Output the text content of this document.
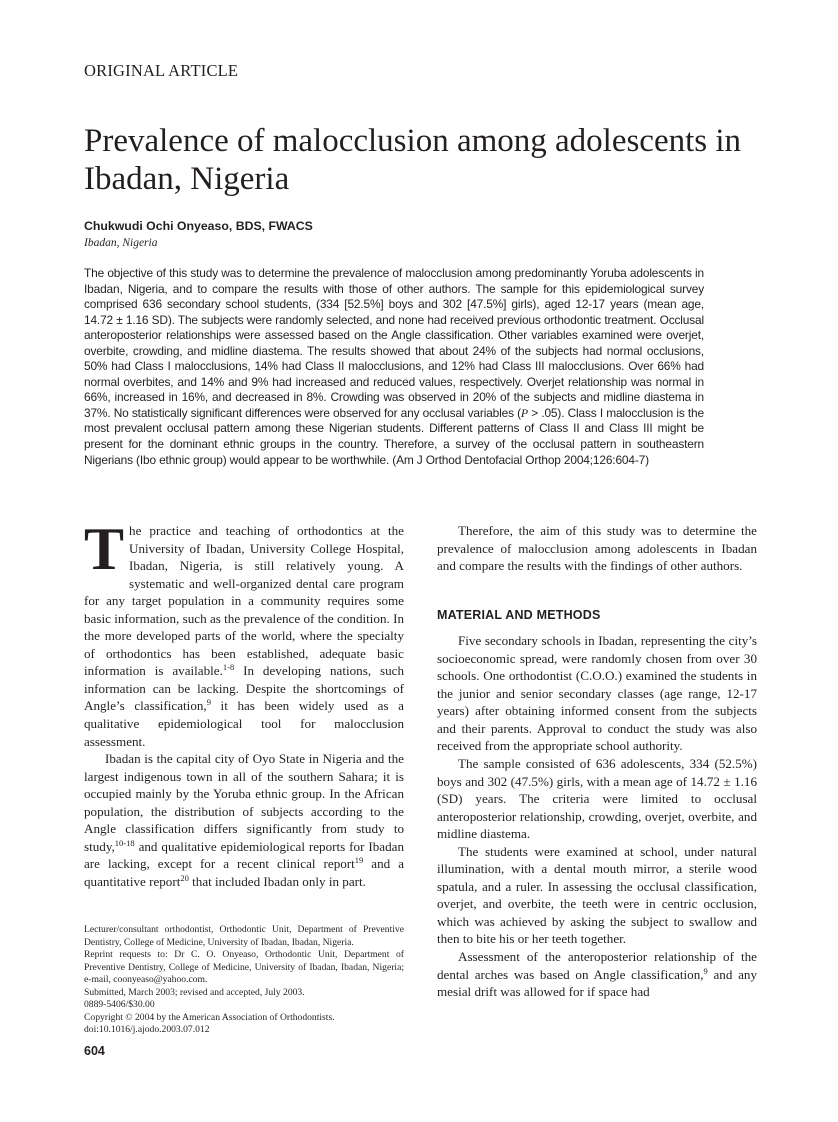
ORIGINAL ARTICLE
Prevalence of malocclusion among adolescents in Ibadan, Nigeria
Chukwudi Ochi Onyeaso, BDS, FWACS
Ibadan, Nigeria

The objective of this study was to determine the prevalence of malocclusion among predominantly Yoruba adolescents in Ibadan, Nigeria, and to compare the results with those of other authors. The sample for this epidemiological survey comprised 636 secondary school students, (334 [52.5%] boys and 302 [47.5%] girls), aged 12-17 years (mean age, 14.72 ± 1.16 SD). The subjects were randomly selected, and none had received previous orthodontic treatment. Occlusal anteroposterior relationships were assessed based on the Angle classification. Other variables examined were overjet, overbite, crowding, and midline diastema. The results showed that about 24% of the subjects had normal occlusions, 50% had Class I malocclusions, 14% had Class II malocclusions, and 12% had Class III malocclusions. Over 66% had normal overbites, and 14% and 9% had increased and reduced values, respectively. Overjet relationship was normal in 66%, increased in 16%, and decreased in 8%. Crowding was observed in 20% of the subjects and midline diastema in 37%. No statistically significant differences were observed for any occlusal variables (P > .05). Class I malocclusion is the most prevalent occlusal pattern among these Nigerian students. Different patterns of Class II and Class III might be present for the dominant ethnic groups in the country. Therefore, a survey of the occlusal pattern in southeastern Nigerians (Ibo ethnic group) would appear to be worthwhile. (Am J Orthod Dentofacial Orthop 2004;126:604-7)

The practice and teaching of orthodontics at the University of Ibadan, University College Hospital, Ibadan, Nigeria, is still relatively young. A systematic and well-organized dental care program for any target population in a community requires some basic information, such as the prevalence of the condition. In the more developed parts of the world, where the specialty of orthodontics has been established, adequate basic information is available.$^{1-8}$ In developing nations, such information can be lacking. Despite the shortcomings of Angle’s classification,$^9$ it has been widely used as a qualitative epidemiological tool for malocclusion assessment.

Ibadan is the capital city of Oyo State in Nigeria and the largest indigenous town in all of the southern Sahara; it is occupied mainly by the Yoruba ethnic group. In the African population, the distribution of subjects according to the Angle classification differs significantly from study to study,$^{10-18}$ and qualitative epidemiological reports for Ibadan are lacking, except for a recent clinical report$^{19}$ and a quantitative report$^{20}$ that included Ibadan only in part.

Therefore, the aim of this study was to determine the prevalence of malocclusion among adolescents in Ibadan and compare the results with the findings of other authors.

MATERIAL AND METHODS

Five secondary schools in Ibadan, representing the city’s socioeconomic spread, were randomly chosen from over 30 schools. One orthodontist (C.O.O.) examined the students in the junior and senior secondary classes (age range, 12-17 years) after obtaining informed consent from the subjects and their parents. Approval to conduct the study was also received from the appropriate school authority.

The sample consisted of 636 adolescents, 334 (52.5%) boys and 302 (47.5%) girls, with a mean age of 14.72 ± 1.16 (SD) years. The criteria were limited to occlusal anteroposterior relationship, crowding, overjet, overbite, and midline diastema.

The students were examined at school, under natural illumination, with a dental mouth mirror, a sterile wood spatula, and a ruler. In assessing the occlusal classification, overjet, and overbite, the teeth were in centric occlusion, which was achieved by asking the subject to swallow and then to bite his or her teeth together.

Assessment of the anteroposterior relationship of the dental arches was based on Angle classification,$^9$ and any mesial drift was allowed for if space had

Lecturer/consultant orthodontist, Orthodontic Unit, Department of Preventive Dentistry, College of Medicine, University of Ibadan, Ibadan, Nigeria.
Reprint requests to: Dr C. O. Onyeaso, Orthodontic Unit, Department of Preventive Dentistry, College of Medicine, University of Ibadan, Ibadan, Nigeria; e-mail, coonyeaso@yahoo.com.
Submitted, March 2003; revised and accepted, July 2003.
0889-5406/$30.00
Copyright © 2004 by the American Association of Orthodontists.
doi:10.1016/j.ajodo.2003.07.012
604
